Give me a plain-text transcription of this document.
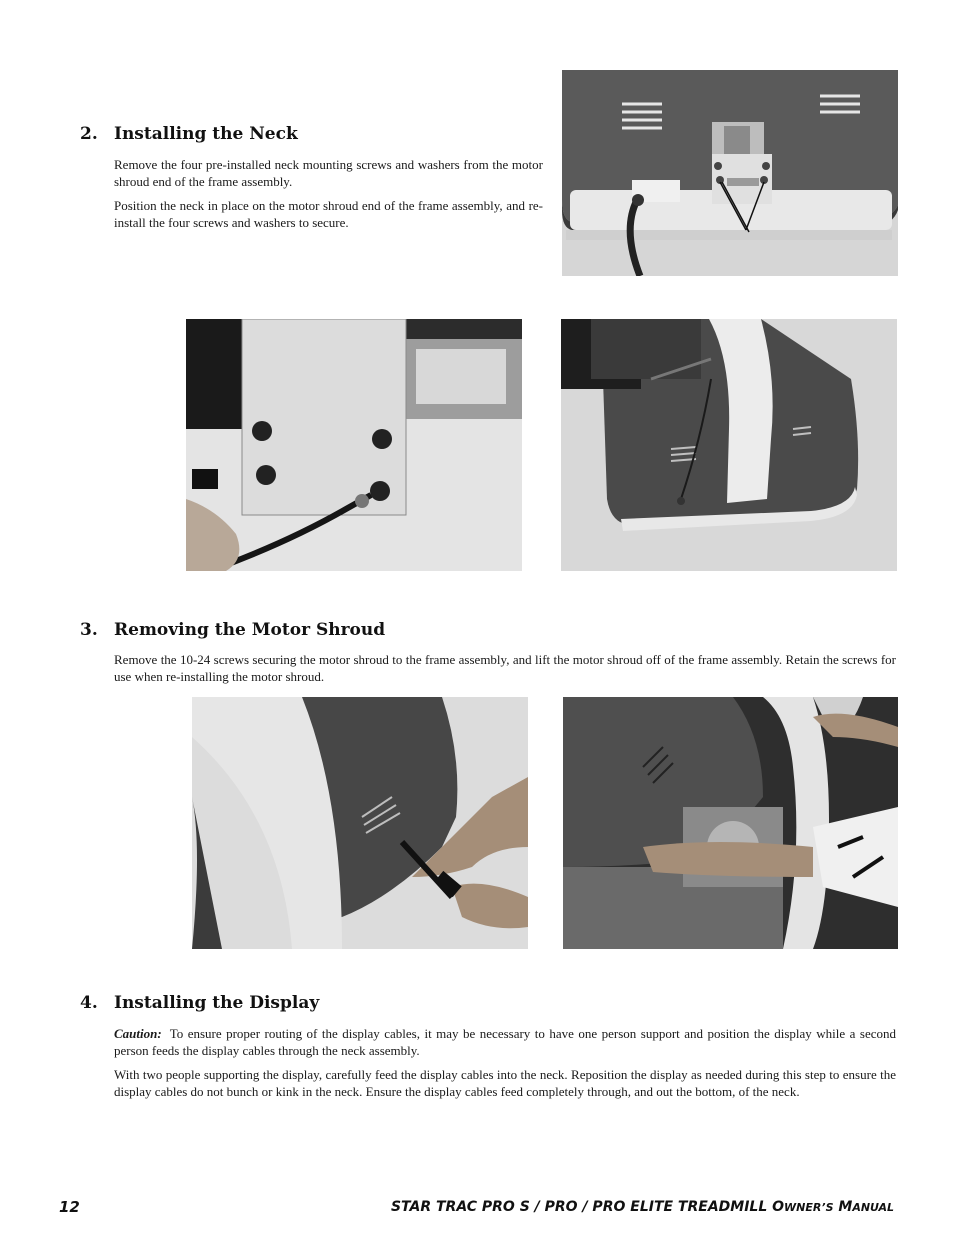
2. Installing the Neck

Remove the four pre-installed neck mounting screws and washers from the motor shroud end of the frame assembly.

Position the neck in place on the motor shroud end of the frame assembly, and re-install the four screws and washers to secure.

3. Removing the Motor Shroud

Remove the 10-24 screws securing the motor shroud to the frame assembly, and lift the motor shroud off of the frame assembly. Retain the screws for use when re-installing the motor shroud.

4. Installing the Display

Caution: To ensure proper routing of the display cables, it may be necessary to have one person support and position the display while a second person feeds the display cables through the neck assembly.

With two people supporting the display, carefully feed the display cables into the neck. Reposition the display as needed during this step to ensure the display cables do not bunch or kink in the neck. Ensure the display cables feed completely through, and out the bottom, of the neck.

12	STAR TRAC PRO S / PRO / PRO ELITE TREADMILL OWNER’S MANUAL
